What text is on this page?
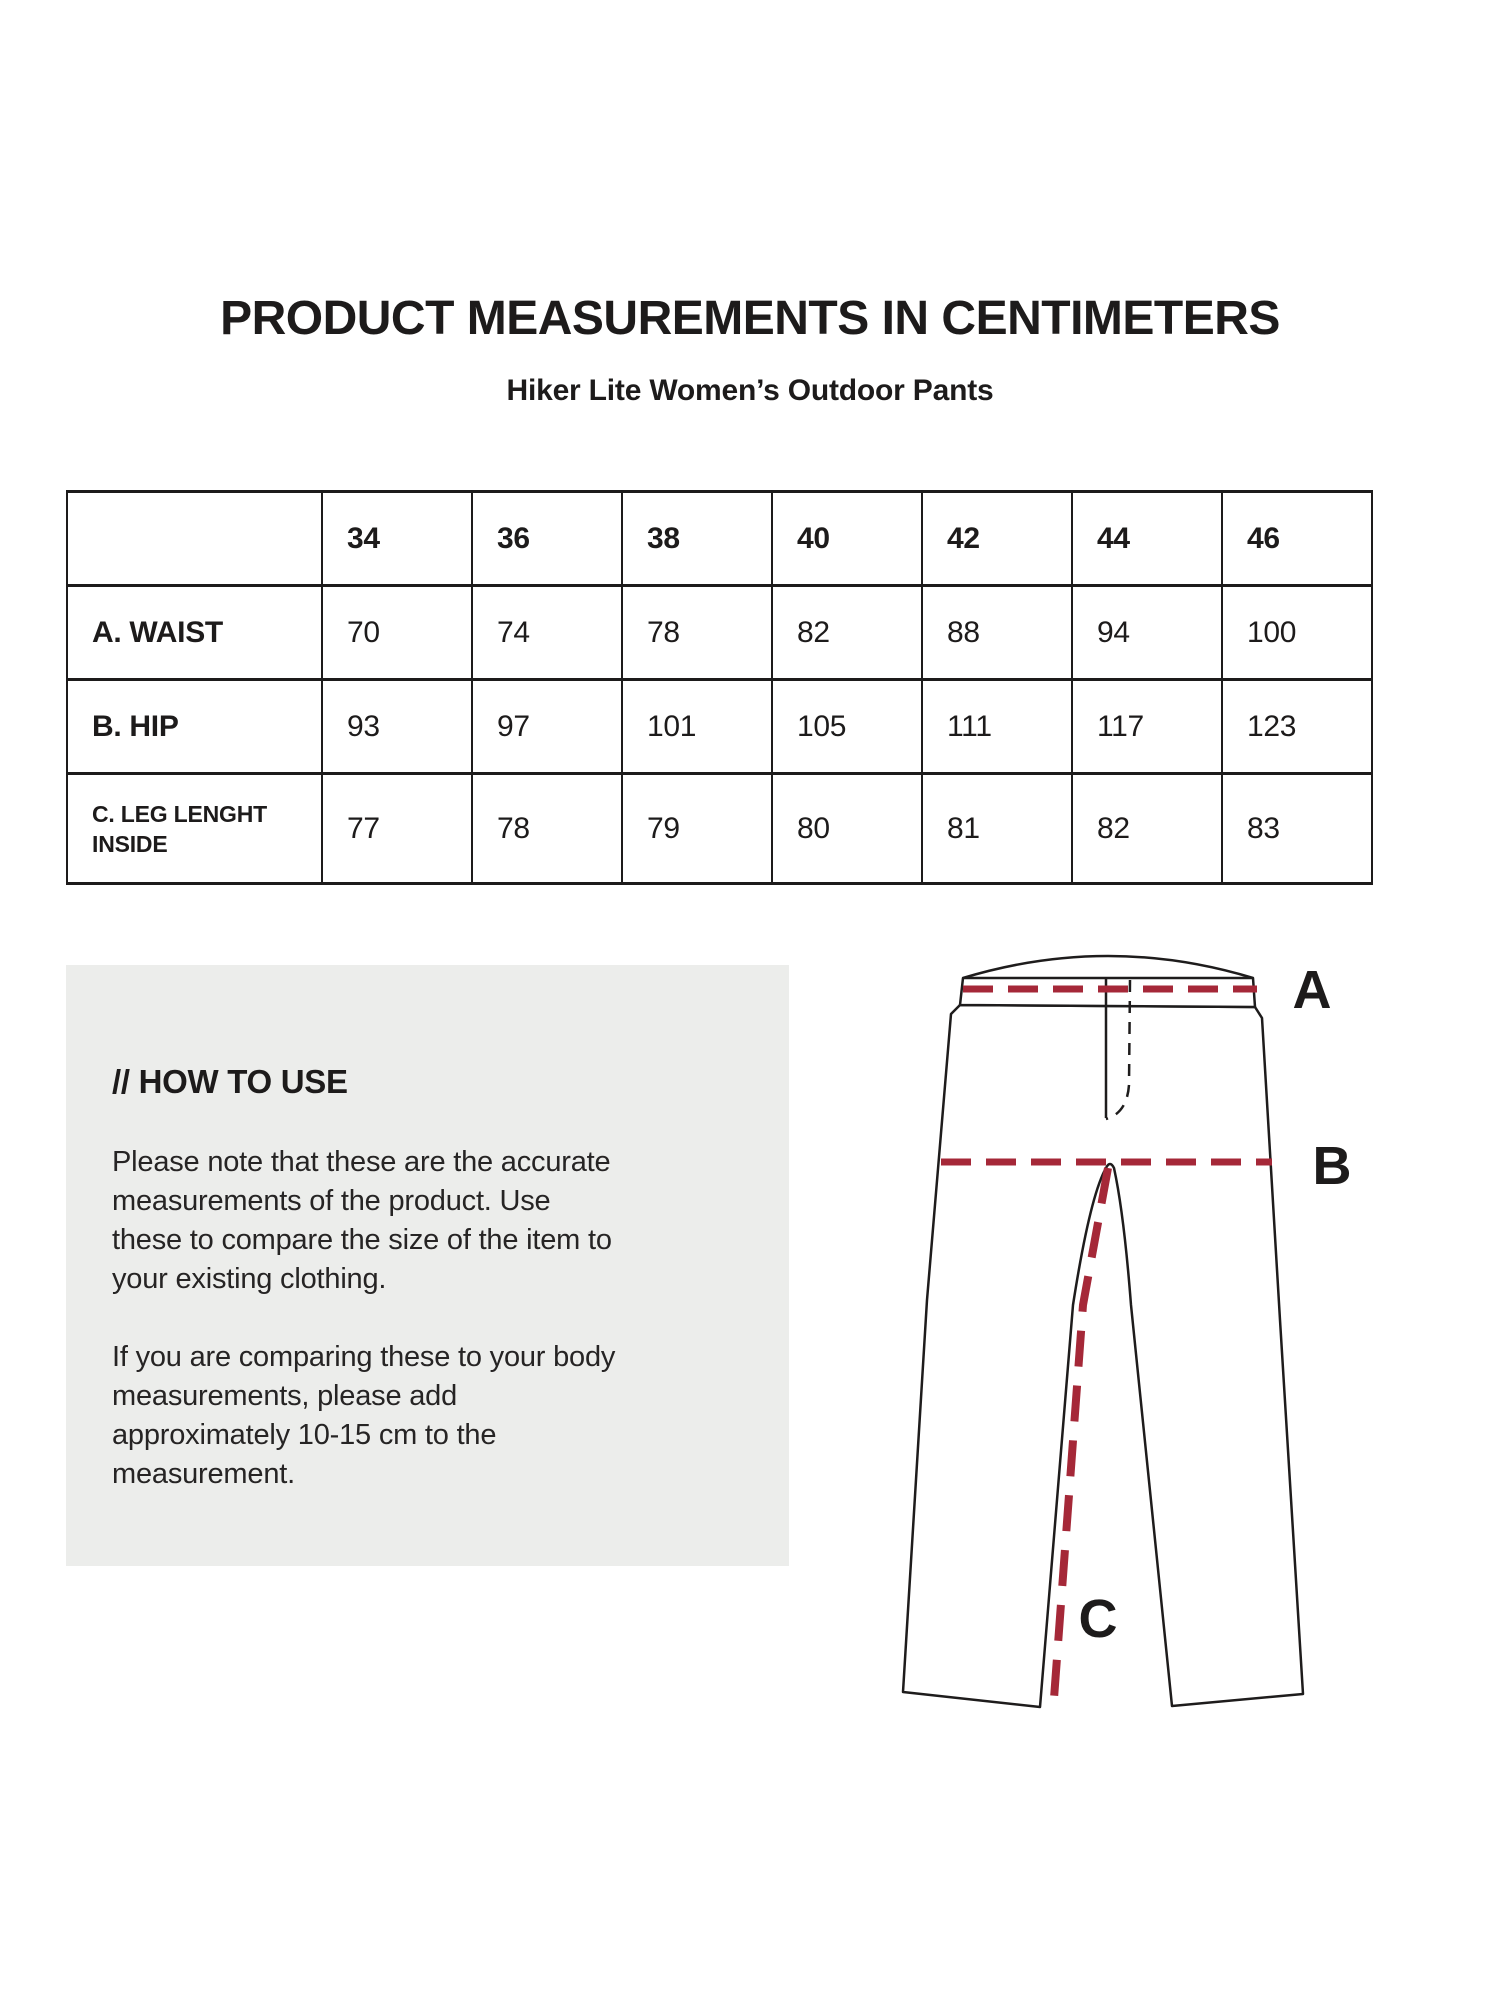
PRODUCT MEASUREMENTS IN CENTIMETERS
Hiker Lite Women’s Outdoor Pants
	34	36	38	40	42	44	46
A. WAIST	70	74	78	82	88	94	100
B. HIP	93	97	101	105	111	117	123
C. LEG LENGHT INSIDE	77	78	79	80	81	82	83
// HOW TO USE

Please note that these are the accurate
measurements of the product. Use
these to compare the size of the item to
your existing clothing.

If you are comparing these to your body
measurements, please add
approximately 10-15 cm to the
measurement.

A
B
C
